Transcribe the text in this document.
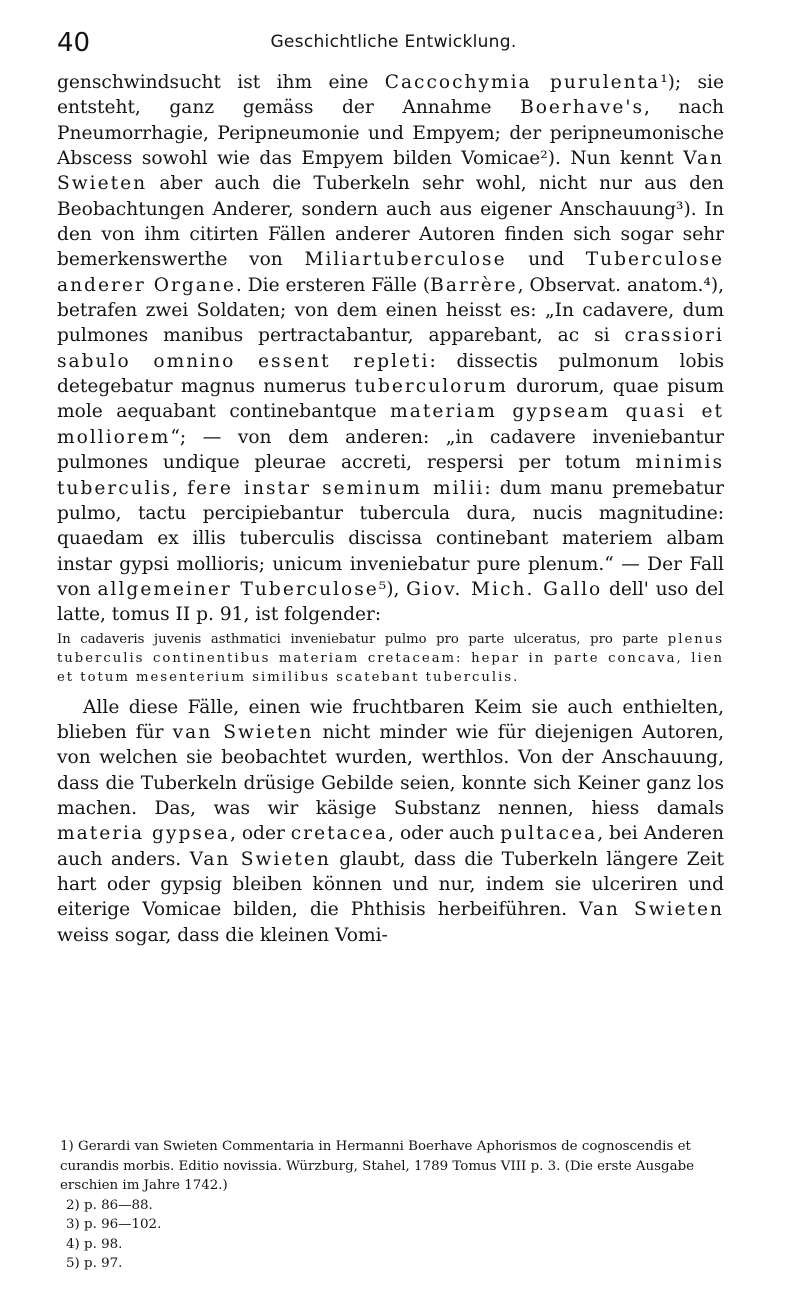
40	Geschichtliche Entwicklung.

genschwindsucht ist ihm eine Caccochymia purulenta¹); sie entsteht, ganz gemäss der Annahme Boerhave's, nach Pneumorrhagie, Peripneumonie und Empyem; der peripneumonische Abscess sowohl wie das Empyem bilden Vomicae²). Nun kennt Van Swieten aber auch die Tuberkeln sehr wohl, nicht nur aus den Beobachtungen Anderer, sondern auch aus eigener Anschauung³). In den von ihm citirten Fällen anderer Autoren finden sich sogar sehr bemerkenswerthe von Miliartuberculose und Tuberculose anderer Organe. Die ersteren Fälle (Barrère, Observat. anatom.⁴), betrafen zwei Soldaten; von dem einen heisst es: „In cadavere, dum pulmones manibus pertractabantur, apparebant, ac si crassiori sabulo omnino essent repleti: dissectis pulmonum lobis detegebatur magnus numerus tuberculorum durorum, quae pisum mole aequabant continebantque materiam gypseam quasi et molliorem“; — von dem anderen: „in cadavere inveniebantur pulmones undique pleurae accreti, respersi per totum minimis tuberculis, fere instar seminum milii: dum manu premebatur pulmo, tactu percipiebantur tubercula dura, nucis magnitudine: quaedam ex illis tuberculis discissa continebant materiem albam instar gypsi mollioris; unicum inveniebatur pure plenum.“ — Der Fall von allgemeiner Tuberculose⁵), Giov. Mich. Gallo dell' uso del latte, tomus II p. 91, ist folgender:

In cadaveris juvenis asthmatici inveniebatur pulmo pro parte ulceratus, pro parte plenus tuberculis continentibus materiam cretaceam: hepar in parte concava, lien et totum mesenterium similibus scatebant tuberculis.

Alle diese Fälle, einen wie fruchtbaren Keim sie auch enthielten, blieben für van Swieten nicht minder wie für diejenigen Autoren, von welchen sie beobachtet wurden, werthlos. Von der Anschauung, dass die Tuberkeln drüsige Gebilde seien, konnte sich Keiner ganz los machen. Das, was wir käsige Substanz nennen, hiess damals materia gypsea, oder cretacea, oder auch pultacea, bei Anderen auch anders. Van Swieten glaubt, dass die Tuberkeln längere Zeit hart oder gypsig bleiben können und nur, indem sie ulceriren und eiterige Vomicae bilden, die Phthisis herbeiführen. Van Swieten weiss sogar, dass die kleinen Vomi-

1) Gerardi van Swieten Commentaria in Hermanni Boerhave Aphorismos de cognoscendis et curandis morbis. Editio novissia. Würzburg, Stahel, 1789 Tomus VIII p. 3. (Die erste Ausgabe erschien im Jahre 1742.)
2) p. 86—88.
3) p. 96—102.
4) p. 98.
5) p. 97.
